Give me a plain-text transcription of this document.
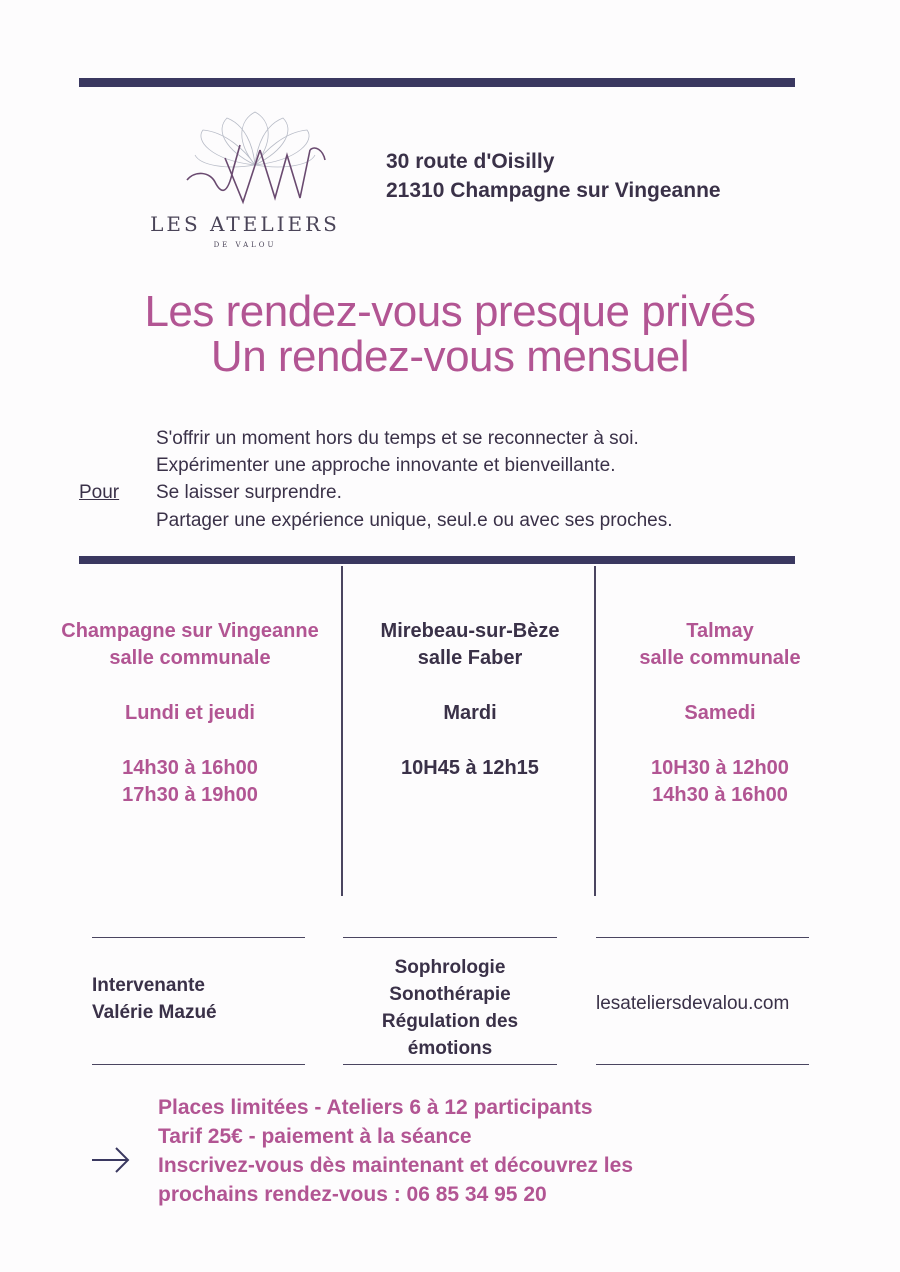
LES ATELIERS
DE VALOU
30 route d'Oisilly
21310 Champagne sur Vingeanne
Les rendez-vous presque privés
Un rendez-vous mensuel
S'offrir un moment hors du temps et se reconnecter à soi.
Expérimenter une approche innovante et bienveillante.
Pour Se laisser surprendre.
Partager une expérience unique, seul.e ou avec ses proches.
Champagne sur Vingeanne
salle communale
Lundi et jeudi
14h30 à 16h00
17h30 à 19h00
Mirebeau-sur-Bèze
salle Faber
Mardi
10H45 à 12h15
Talmay
salle communale
Samedi
10H30 à 12h00
14h30 à 16h00
Intervenante
Valérie Mazué
Sophrologie
Sonothérapie
Régulation des
émotions
lesateliersdevalou.com
Places limitées - Ateliers 6 à 12 participants
Tarif 25€ - paiement à la séance
Inscrivez-vous dès maintenant et découvrez les
prochains rendez-vous : 06 85 34 95 20
